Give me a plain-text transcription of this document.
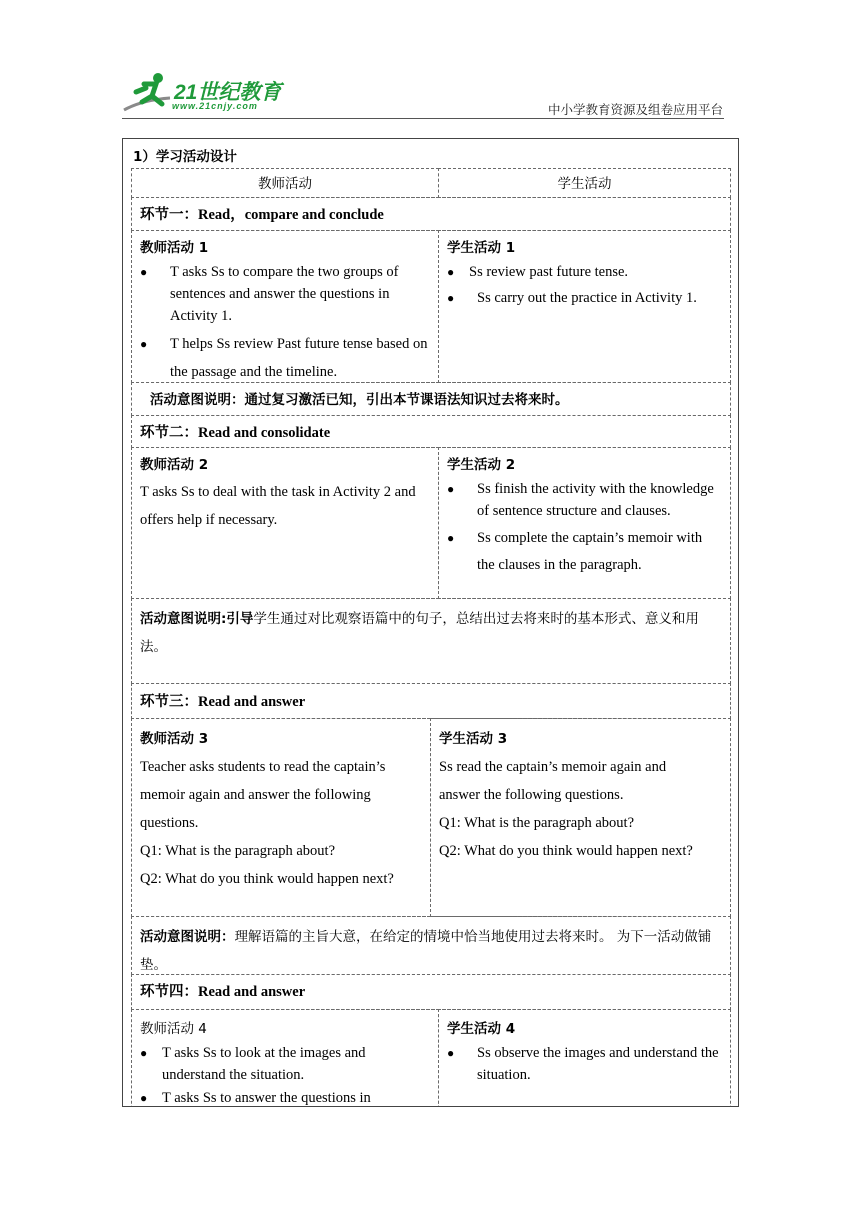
21世纪教育
www.21cnjy.com	中小学教育资源及组卷应用平台
1）学习活动设计
教师活动	学生活动
环节一：Read，compare and conclude

教师活动 1

● T asks Ss to compare the two groups of sentences and answer the questions in Activity 1.
● T helps Ss review Past future tense based on the passage and the timeline.

学生活动 1

● Ss review past future tense.
● Ss carry out the practice in Activity 1.
活动意图说明：通过复习激活已知，引出本节课语法知识过去将来时。
环节二：Read and consolidate

教师活动 2

T asks Ss to deal with the task in Activity 2 and offers help if necessary.

学生活动 2

● Ss finish the activity with the knowledge of sentence structure and clauses.
● Ss complete the captain’s memoir with the clauses in the paragraph.
活动意图说明:引导学生通过对比观察语篇中的句子，总结出过去将来时的基本形式、意义和用法。
环节三：Read and answer

教师活动 3

Teacher asks students to read the captain’s

memoir again and answer the following

questions.

Q1: What is the paragraph about?

Q2: What do you think would happen next?

学生活动 3

Ss read the captain’s memoir again and

answer the following questions.

Q1: What is the paragraph about?

Q2: What do you think would happen next?

活动意图说明：理解语篇的主旨大意，在给定的情境中恰当地使用过去将来时。 为下一活动做铺垫。
环节四：Read and answer

教师活动 4

● T asks Ss to look at the images and understand the situation.
● T asks Ss to answer the questions in

学生活动 4

● Ss observe the images and understand the situation.
